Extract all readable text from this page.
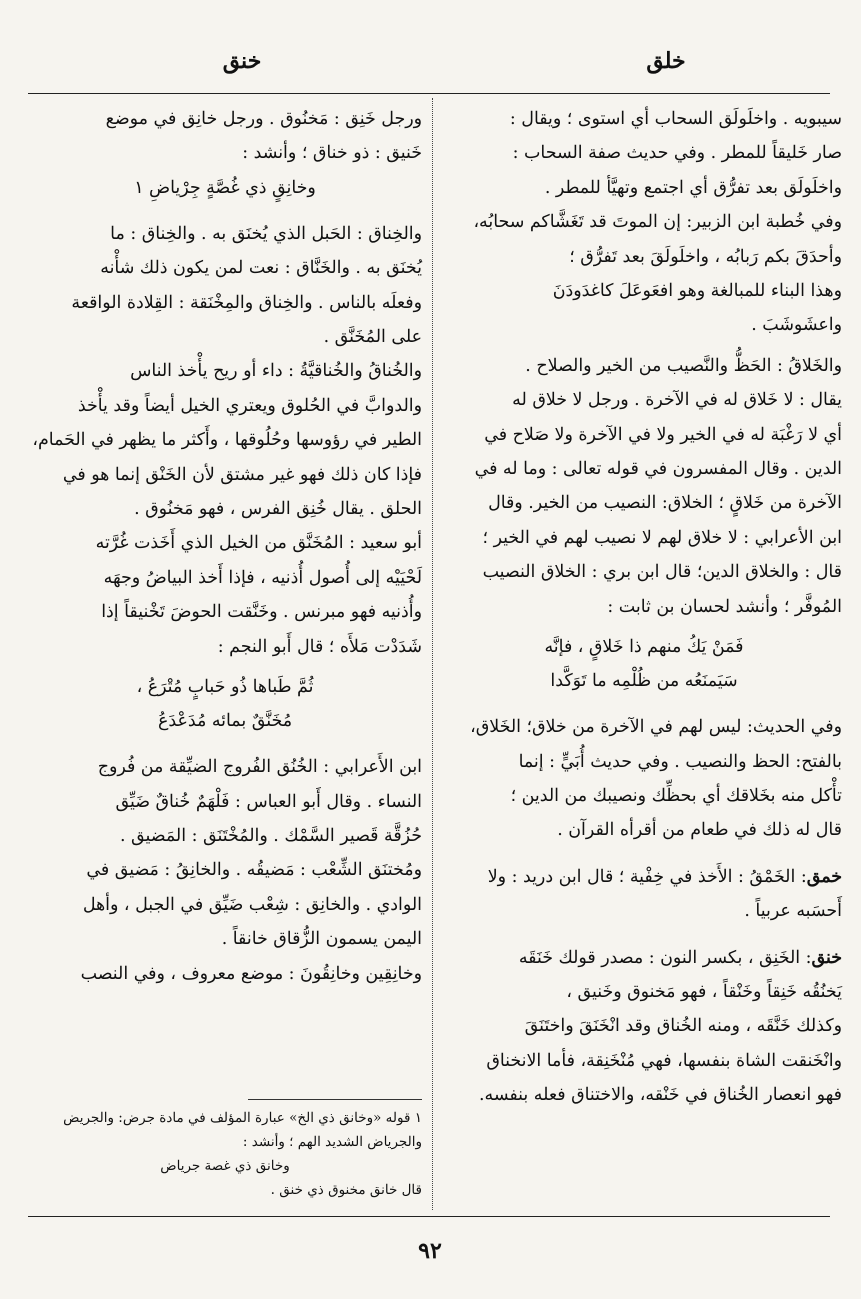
خلق
خنق

سيبويه . واخلَولَق السحاب أي استوى ؛ ويقال :

صار خَليقاً للمطر . وفي حديث صفة السحاب :

واخلَولَق بعد تفرُّق أي اجتمع وتهيَّأ للمطر .

وفي خُطبة ابن الزبير: إن الموتَ قد تَغَشَّاكم سحابُه،

وأحدَقَ بكم رَبابُه ، واخلَولَقَ بعد تَفرُّق ؛

وهذا البناء للمبالغة وهو افعَوعَلَ كاغدَودَنَ

واعشَوشَبَ .

والخَلاقُ : الحَظُّ والنَّصيب من الخير والصلاح .

يقال : لا خَلاق له في الآخرة . ورجل لا خلاق له

أي لا رَغْبَة له في الخير ولا في الآخرة ولا صَلاح في

الدين . وقال المفسرون في قوله تعالى : وما له في

الآخرة من خَلاقٍ ؛ الخلاق: النصيب من الخير. وقال

ابن الأعرابي : لا خلاق لهم لا نصيب لهم في الخير ؛

قال : والخلاق الدين؛ قال ابن بري : الخلاق النصيب

المُوفَّر ؛ وأنشد لحسان بن ثابت :

فَمَنْ يَكُ منهم ذا خَلاقٍ ، فإنَّه

سَيَمنَعُه من ظُلْمِه ما تَوَكَّدا

وفي الحديث: ليس لهم في الآخرة من خلاق؛ الخَلاق،

بالفتح: الحظ والنصيب . وفي حديث أُبَيٍّ : إنما

تأْكل منه بخَلاقك أي بحظِّك ونصيبك من الدين ؛

قال له ذلك في طعام من أقرأه القرآن .

خمق: الخَمْقُ : الأَخذ في خِفْية ؛ قال ابن دريد : ولا

أَحسَبه عربياً .

خنق: الخَنِق ، بكسر النون : مصدر قولك خَنَقَه

يَخنُقُه خَنِقاً وخَنْقاً ، فهو مَخنوق وخَنيق ،

وكذلك خَنَّقَه ، ومنه الخُناق وقد انْخَنَقَ واختَنَقَ

وانْخَنقت الشاة بنفسها، فهي مُنْخَنِقة، فأما الانخناق

فهو انعصار الخُناق في خَنْقه، والاختناق فعله بنفسه.

ورجل خَنِق : مَخنُوق . ورجل خانِق في موضع

خَنيق : ذو خناق ؛ وأنشد :

وخانِقٍ ذي غُصَّةٍ جِرْياضِ ١

والخِناق : الحَبل الذي يُخنَق به . والخِناق : ما

يُخنَق به . والخَنَّاق : نعت لمن يكون ذلك شأْنه

وفعلَه بالناس . والخِناق والمِخْنَقة : القِلادة الواقعة

على المُخَنَّق .

والخُناقُ والخُناقيَّةُ : داء أو ريح يأْخذ الناس

والدوابَّ في الحُلوق ويعتري الخيل أيضاً وقد يأْخذ

الطير في رؤوسها وحُلُوقها ، وأَكثر ما يظهر في الحَمام،

فإذا كان ذلك فهو غير مشتق لأن الخَنْق إنما هو في

الحلق . يقال خُنِق الفرس ، فهو مَخنُوق .

أبو سعيد : المُخَنَّق من الخيل الذي أَخَذت غُرَّته

لَحْيَيْه إلى أُصول أُذنيه ، فإذا أَخذ البياضُ وجهَه

وأُذنيه فهو مبرنس . وخَنَّقت الحوضَ تَخْنيقاً إذا

شَدَدْت مَلأَه ؛ قال أَبو النجم :

ثُمَّ طَباها ذُو حَبابٍ مُتْرَعُ ،

مُخَنَّقٌ بمائه مُدَعْدَعُ

ابن الأَعرابي : الخُنُق الفُروج الضيِّقة من فُروج

النساء . وقال أَبو العباس : فَلْهَمٌ خُناقٌ ضَيِّق

حُزُقَّة قَصير السَّمْك . والمُخْتَنَق : المَضيق .

ومُختنَق الشِّعْب : مَضيقُه . والخانِقُ : مَضيق في

الوادي . والخانِق : شِعْب ضَيِّق في الجبل ، وأهل

اليمن يسمون الزُّقاق خانقاً .

وخانِقِين وخانِقُونَ : موضع معروف ، وفي النصب

١ قوله «وخانق ذي الخ» عبارة المؤلف في مادة جرض: والجريض

والجرياض الشديد الهم ؛ وأنشد :

وخانق ذي غصة جرياض

قال خانق مخنوق ذي خنق .

٩٢
